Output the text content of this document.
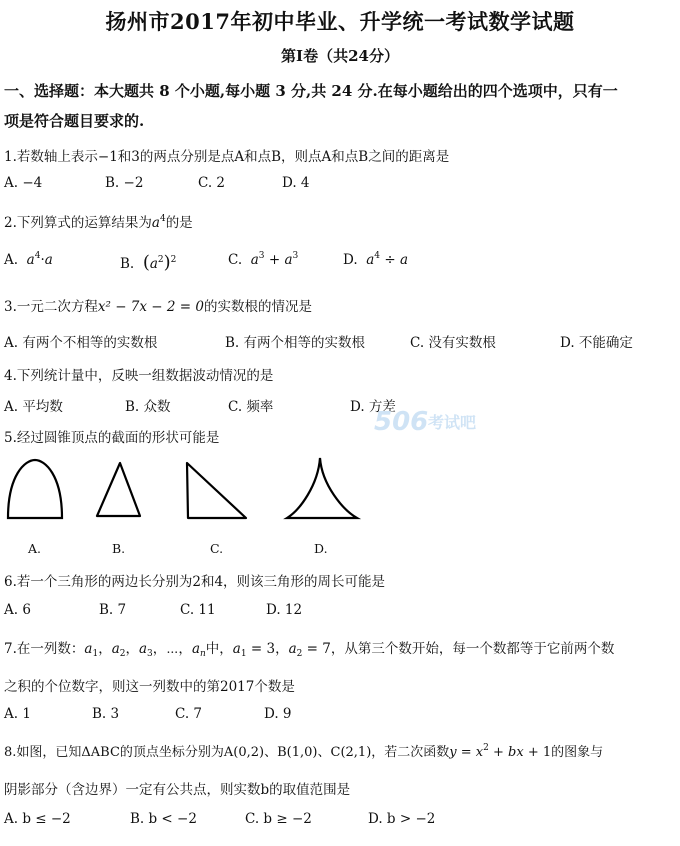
扬州市2017年初中毕业、升学统一考试数学试题
第Ⅰ卷（共24分）
一、选择题：本大题共 8 个小题,每小题 3 分,共 24 分.在每小题给出的四个选项中，只有一
项是符合题目要求的.
1.若数轴上表示−1和3的两点分别是点A和点B，则点A和点B之间的距离是
A. −4	B. −2	C. 2	D. 4
2.下列算式的运算结果为$a^4$的是
A. $a^4\cdot a$	B. $(a^2)^2$	C. $a^3 + a^3$	D. $a^4 \div a$
3.一元二次方程x² − 7x − 2 = 0的实数根的情况是
A. 有两个不相等的实数根	B. 有两个相等的实数根	C. 没有实数根	D. 不能确定
4.下列统计量中，反映一组数据波动情况的是
A. 平均数	B. 众数	C. 频率	D. 方差
506 考试吧
5.经过圆锥顶点的截面的形状可能是
A.	B.	C.	D.
6.若一个三角形的两边长分别为2和4，则该三角形的周长可能是
A. 6	B. 7	C. 11	D. 12
7.在一列数：$a_1$，$a_2$，$a_3$，⋯，$a_n$中，$a_1 = 3$，$a_2 = 7$，从第三个数开始，每一个数都等于它前两个数
之积的个位数字，则这一列数中的第2017个数是
A. 1	B. 3	C. 7	D. 9
8.如图，已知ΔABC的顶点坐标分别为A(0,2)、B(1,0)、C(2,1)，若二次函数$y = x^2$ + bx + 1的图象与
阴影部分（含边界）一定有公共点，则实数b的取值范围是
A. b ≤ −2	B. b < −2	C. b ≥ −2	D. b > −2
